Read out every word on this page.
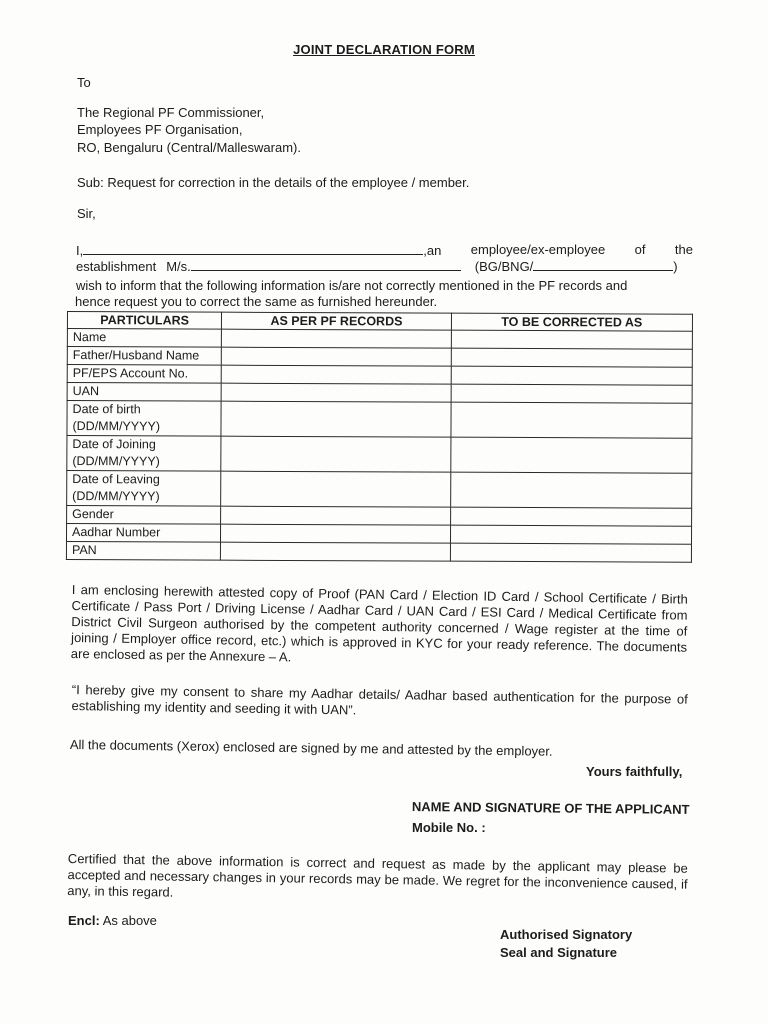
JOINT DECLARATION FORM
To
The Regional PF Commissioner,
Employees PF Organisation,
RO, Bengaluru (Central/Malleswaram).
Sub: Request for correction in the details of the employee / member.
Sir,
I,	,an employee/ex-employee of the
establishment M/s.	(BG/BNG/	)
wish to inform that the following information is/are not correctly mentioned in the PF records and
hence request you to correct the same as furnished hereunder.
PARTICULARS	AS PER PF RECORDS	TO BE CORRECTED AS

Name		

Father/Husband Name		

PF/EPS Account No.		

UAN		

Date of birth
(DD/MM/YYYY)		

Date of Joining
(DD/MM/YYYY)		

Date of Leaving
(DD/MM/YYYY)		

Gender		

Aadhar Number		

PAN		

I am enclosing herewith attested copy of Proof (PAN Card / Election ID Card / School Certificate / Birth Certificate / Pass Port / Driving License / Aadhar Card / UAN Card / ESI Card / Medical Certificate from District Civil Surgeon authorised by the competent authority concerned / Wage register at the time of joining / Employer office record, etc.) which is approved in KYC for your ready reference. The documents are enclosed as per the Annexure – A.
“I hereby give my consent to share my Aadhar details/ Aadhar based authentication for the purpose of establishing my identity and seeding it with UAN”.
All the documents (Xerox) enclosed are signed by me and attested by the employer.
Yours faithfully,
NAME AND SIGNATURE OF THE APPLICANT
Mobile No. :
Certified that the above information is correct and request as made by the applicant may please be accepted and necessary changes in your records may be made. We regret for the inconvenience caused, if any, in this regard.
Encl: As above
Authorised Signatory
Seal and Signature
